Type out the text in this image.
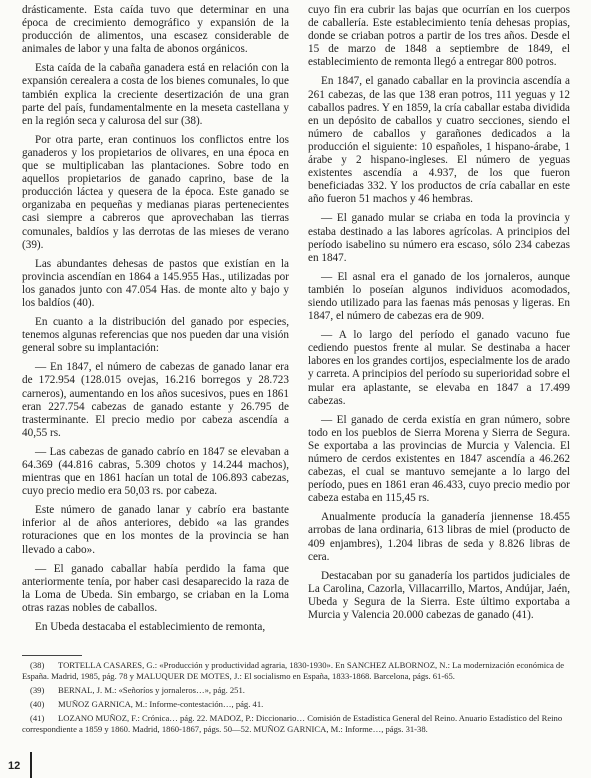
drásticamente. Esta caída tuvo que determinar en una época de crecimiento demográfico y expansión de la producción de alimentos, una escasez considerable de animales de labor y una falta de abonos orgánicos.

Esta caída de la cabaña ganadera está en relación con la expansión cerealera a costa de los bienes comunales, lo que también explica la creciente desertización de una gran parte del país, fundamentalmente en la meseta castellana y en la región seca y calurosa del sur (38).

Por otra parte, eran continuos los conflictos entre los ganaderos y los propietarios de olivares, en una época en que se multiplicaban las plantaciones. Sobre todo en aquellos propietarios de ganado caprino, base de la producción láctea y quesera de la época. Este ganado se organizaba en pequeñas y medianas piaras pertenecientes casi siempre a cabreros que aprovechaban las tierras comunales, baldíos y las derrotas de las mieses de verano (39).

Las abundantes dehesas de pastos que existían en la provincia ascendían en 1864 a 145.955 Has., utilizadas por los ganados junto con 47.054 Has. de monte alto y bajo y los baldíos (40).

En cuanto a la distribución del ganado por especies, tenemos algunas referencias que nos pueden dar una visión general sobre su implantación:

— En 1847, el número de cabezas de ganado lanar era de 172.954 (128.015 ovejas, 16.216 borregos y 28.723 carneros), aumentando en los años sucesivos, pues en 1861 eran 227.754 cabezas de ganado estante y 26.795 de trasterminante. El precio medio por cabeza ascendía a 40,55 rs.

— Las cabezas de ganado cabrío en 1847 se elevaban a 64.369 (44.816 cabras, 5.309 chotos y 14.244 machos), mientras que en 1861 hacían un total de 106.893 cabezas, cuyo precio medio era 50,03 rs. por cabeza.

Este número de ganado lanar y cabrío era bastante inferior al de años anteriores, debido «a las grandes roturaciones que en los montes de la provincia se han llevado a cabo».

— El ganado caballar había perdido la fama que anteriormente tenía, por haber casi desaparecido la raza de la Loma de Ubeda. Sin embargo, se criaban en la Loma otras razas nobles de caballos.

En Ubeda destacaba el establecimiento de remonta,

cuyo fin era cubrir las bajas que ocurrían en los cuerpos de caballería. Este establecimiento tenía dehesas propias, donde se criaban potros a partir de los tres años. Desde el 15 de marzo de 1848 a septiembre de 1849, el establecimiento de remonta llegó a entregar 800 potros.

En 1847, el ganado caballar en la provincia ascendía a 261 cabezas, de las que 138 eran potros, 111 yeguas y 12 caballos padres. Y en 1859, la cría caballar estaba dividida en un depósito de caballos y cuatro secciones, siendo el número de caballos y garañones dedicados a la producción el siguiente: 10 españoles, 1 hispano-árabe, 1 árabe y 2 hispano-ingleses. El número de yeguas existentes ascendía a 4.937, de los que fueron beneficiadas 332. Y los productos de cría caballar en este año fueron 51 machos y 46 hembras.

— El ganado mular se criaba en toda la provincia y estaba destinado a las labores agrícolas. A principios del período isabelino su número era escaso, sólo 234 cabezas en 1847.

— El asnal era el ganado de los jornaleros, aunque también lo poseían algunos individuos acomodados, siendo utilizado para las faenas más penosas y ligeras. En 1847, el número de cabezas era de 909.

— A lo largo del período el ganado vacuno fue cediendo puestos frente al mular. Se destinaba a hacer labores en los grandes cortijos, especialmente los de arado y carreta. A principios del período su superioridad sobre el mular era aplastante, se elevaba en 1847 a 17.499 cabezas.

— El ganado de cerda existía en gran número, sobre todo en los pueblos de Sierra Morena y Sierra de Segura. Se exportaba a las provincias de Murcia y Valencia. El número de cerdos existentes en 1847 ascendía a 46.262 cabezas, el cual se mantuvo semejante a lo largo del período, pues en 1861 eran 46.433, cuyo precio medio por cabeza estaba en 115,45 rs.

Anualmente producía la ganadería jiennense 18.455 arrobas de lana ordinaria, 613 libras de miel (producto de 409 enjambres), 1.204 libras de seda y 8.826 libras de cera.

Destacaban por su ganadería los partidos judiciales de La Carolina, Cazorla, Villacarrillo, Martos, Andújar, Jaén, Ubeda y Segura de la Sierra. Este último exportaba a Murcia y Valencia 20.000 cabezas de ganado (41).

(38) TORTELLA CASARES, G.: «Producción y productividad agraria, 1830-1930». En SANCHEZ ALBORNOZ, N.: La modernización económica de España. Madrid, 1985, pág. 78 y MALUQUER DE MOTES, J.: El socialismo en España, 1833-1868. Barcelona, págs. 61-65.

(39) BERNAL, J. M.: «Señoríos y jornaleros…», pág. 251.

(40) MUÑOZ GARNICA, M.: Informe-contestación…, pág. 41.

(41) LOZANO MUÑOZ, F.: Crónica… pág. 22. MADOZ, P.: Diccionario… Comisión de Estadística General del Reino. Anuario Estadístico del Reino correspondiente a 1859 y 1860. Madrid, 1860-1867, págs. 50—52. MUÑOZ GARNICA, M.: Informe…, págs. 31-38.

12
